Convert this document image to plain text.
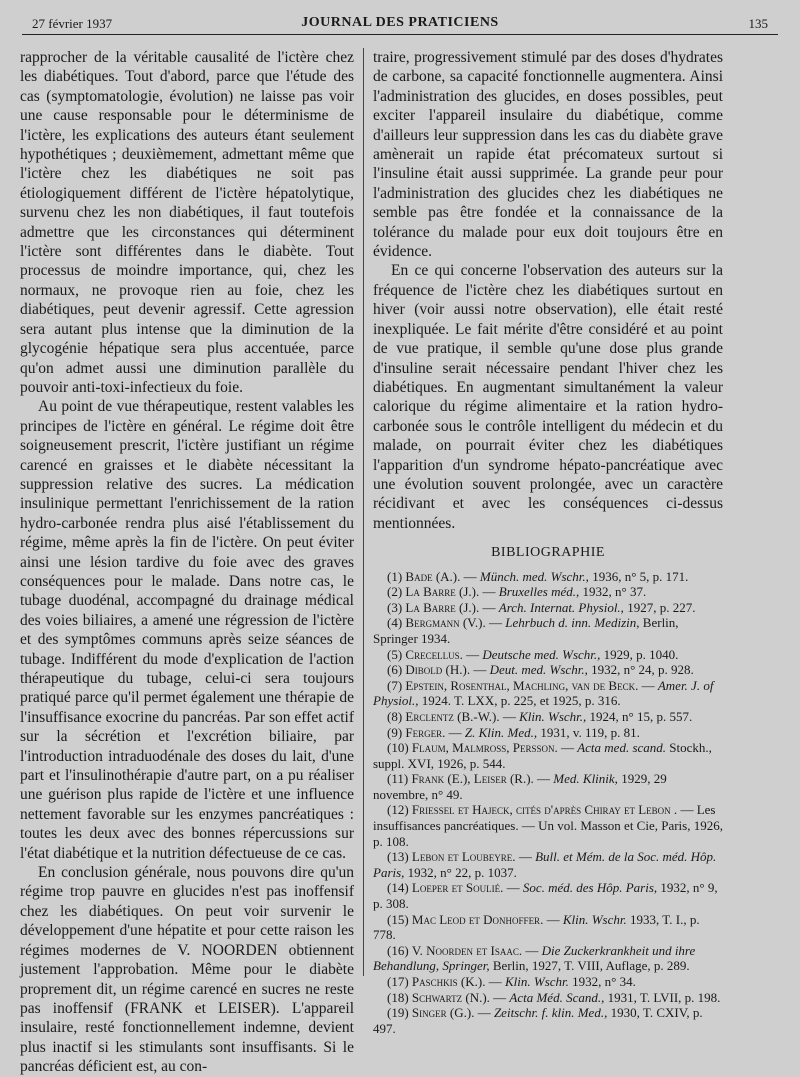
27 février 1937	JOURNAL DES PRATICIENS	135

rapprocher de la véritable causalité de l'ictère chez les diabétiques. Tout d'abord, parce que l'étude des cas (symptomatologie, évolution) ne laisse pas voir une cause responsable pour le déterminisme de l'ictère, les explications des auteurs étant seulement hypothétiques ; deuxièmement, admettant même que l'ictère chez les diabétiques ne soit pas étiologiquement différent de l'ictère hépatolytique, survenu chez les non diabétiques, il faut toutefois admettre que les circonstances qui déterminent l'ictère sont différentes dans le diabète. Tout processus de moindre importance, qui, chez les normaux, ne provoque rien au foie, chez les diabétiques, peut devenir agressif. Cette agression sera autant plus intense que la diminution de la glycogénie hépatique sera plus accentuée, parce qu'on admet aussi une diminution parallèle du pouvoir anti-toxi-infectieux du foie.

Au point de vue thérapeutique, restent valables les principes de l'ictère en général. Le régime doit être soigneusement prescrit, l'ictère justifiant un régime carencé en graisses et le diabète nécessitant la suppression relative des sucres. La médication insulinique permettant l'enrichissement de la ration hydro-carbonée rendra plus aisé l'établissement du régime, même après la fin de l'ictère. On peut éviter ainsi une lésion tardive du foie avec des graves conséquences pour le malade. Dans notre cas, le tubage duodénal, accompagné du drainage médical des voies biliaires, a amené une régression de l'ictère et des symptômes communs après seize séances de tubage. Indifférent du mode d'explication de l'action thérapeutique du tubage, celui-ci sera toujours pratiqué parce qu'il permet également une thérapie de l'insuffisance exocrine du pancréas. Par son effet actif sur la sécrétion et l'excrétion biliaire, par l'introduction intraduodénale des doses du lait, d'une part et l'insulinothérapie d'autre part, on a pu réaliser une guérison plus rapide de l'ictère et une influence nettement favorable sur les enzymes pancréatiques : toutes les deux avec des bonnes répercussions sur l'état diabétique et la nutrition défectueuse de ce cas.

En conclusion générale, nous pouvons dire qu'un régime trop pauvre en glucides n'est pas inoffensif chez les diabétiques. On peut voir survenir le développement d'une hépatite et pour cette raison les régimes modernes de V. NOORDEN obtiennent justement l'approbation. Même pour le diabète proprement dit, un régime carencé en sucres ne reste pas inoffensif (FRANK et LEISER). L'appareil insulaire, resté fonctionnellement indemne, devient plus inactif si les stimulants sont insuffisants. Si le pancréas déficient est, au con-

traire, progressivement stimulé par des doses d'hydrates de carbone, sa capacité fonctionnelle augmentera. Ainsi l'administration des glucides, en doses possibles, peut exciter l'appareil insulaire du diabétique, comme d'ailleurs leur suppression dans les cas du diabète grave amènerait un rapide état précomateux surtout si l'insuline était aussi supprimée. La grande peur pour l'administration des glucides chez les diabétiques ne semble pas être fondée et la connaissance de la tolérance du malade pour eux doit toujours être en évidence.

En ce qui concerne l'observation des auteurs sur la fréquence de l'ictère chez les diabétiques surtout en hiver (voir aussi notre observation), elle était resté inexpliquée. Le fait mérite d'être considéré et au point de vue pratique, il semble qu'une dose plus grande d'insuline serait nécessaire pendant l'hiver chez les diabétiques. En augmentant simultanément la valeur calorique du régime alimentaire et la ration hydro-carbonée sous le contrôle intelligent du médecin et du malade, on pourrait éviter chez les diabétiques l'apparition d'un syndrome hépato-pancréatique avec une évolution souvent prolongée, avec un caractère récidivant et avec les conséquences ci-dessus mentionnées.

BIBLIOGRAPHIE
(1) Bade (A.). — Münch. med. Wschr., 1936, n° 5, p. 171.
(2) La Barre (J.). — Bruxelles méd., 1932, n° 37.
(3) La Barre (J.). — Arch. Internat. Physiol., 1927, p. 227.
(4) Bergmann (V.). — Lehrbuch d. inn. Medizin, Berlin, Springer 1934.
(5) Crecellus. — Deutsche med. Wschr., 1929, p. 1040.
(6) Dibold (H.). — Deut. med. Wschr., 1932, n° 24, p. 928.
(7) Epstein, Rosenthal, Machling, van de Beck. — Amer. J. of Physiol., 1924. T. LXX, p. 225, et 1925, p. 316.
(8) Erclentz (B.-W.). — Klin. Wschr., 1924, n° 15, p. 557.
(9) Ferger. — Z. Klin. Med., 1931, v. 119, p. 81.
(10) Flaum, Malmross, Persson. — Acta med. scand. Stockh., suppl. XVI, 1926, p. 544.
(11) Frank (E.), Leiser (R.). — Med. Klinik, 1929, 29 novembre, n° 49.
(12) Friessel et Hajeck, cités d'après Chiray et Lebon . — Les insuffisances pancréatiques. — Un vol. Masson et Cie, Paris, 1926, p. 108.
(13) Lebon et Loubeyre. — Bull. et Mém. de la Soc. méd. Hôp. Paris, 1932, n° 22, p. 1037.
(14) Loeper et Soulié. — Soc. méd. des Hôp. Paris, 1932, n° 9, p. 308.
(15) Mac Leod et Donhoffer. — Klin. Wschr. 1933, T. I., p. 778.
(16) V. Noorden et Isaac. — Die Zuckerkrankheit und ihre Behandlung, Springer, Berlin, 1927, T. VIII, Auflage, p. 289.
(17) Paschkis (K.). — Klin. Wschr. 1932, n° 34.
(18) Schwartz (N.). — Acta Méd. Scand., 1931, T. LVII, p. 198.
(19) Singer (G.). — Zeitschr. f. klin. Med., 1930, T. CXIV, p. 497.
